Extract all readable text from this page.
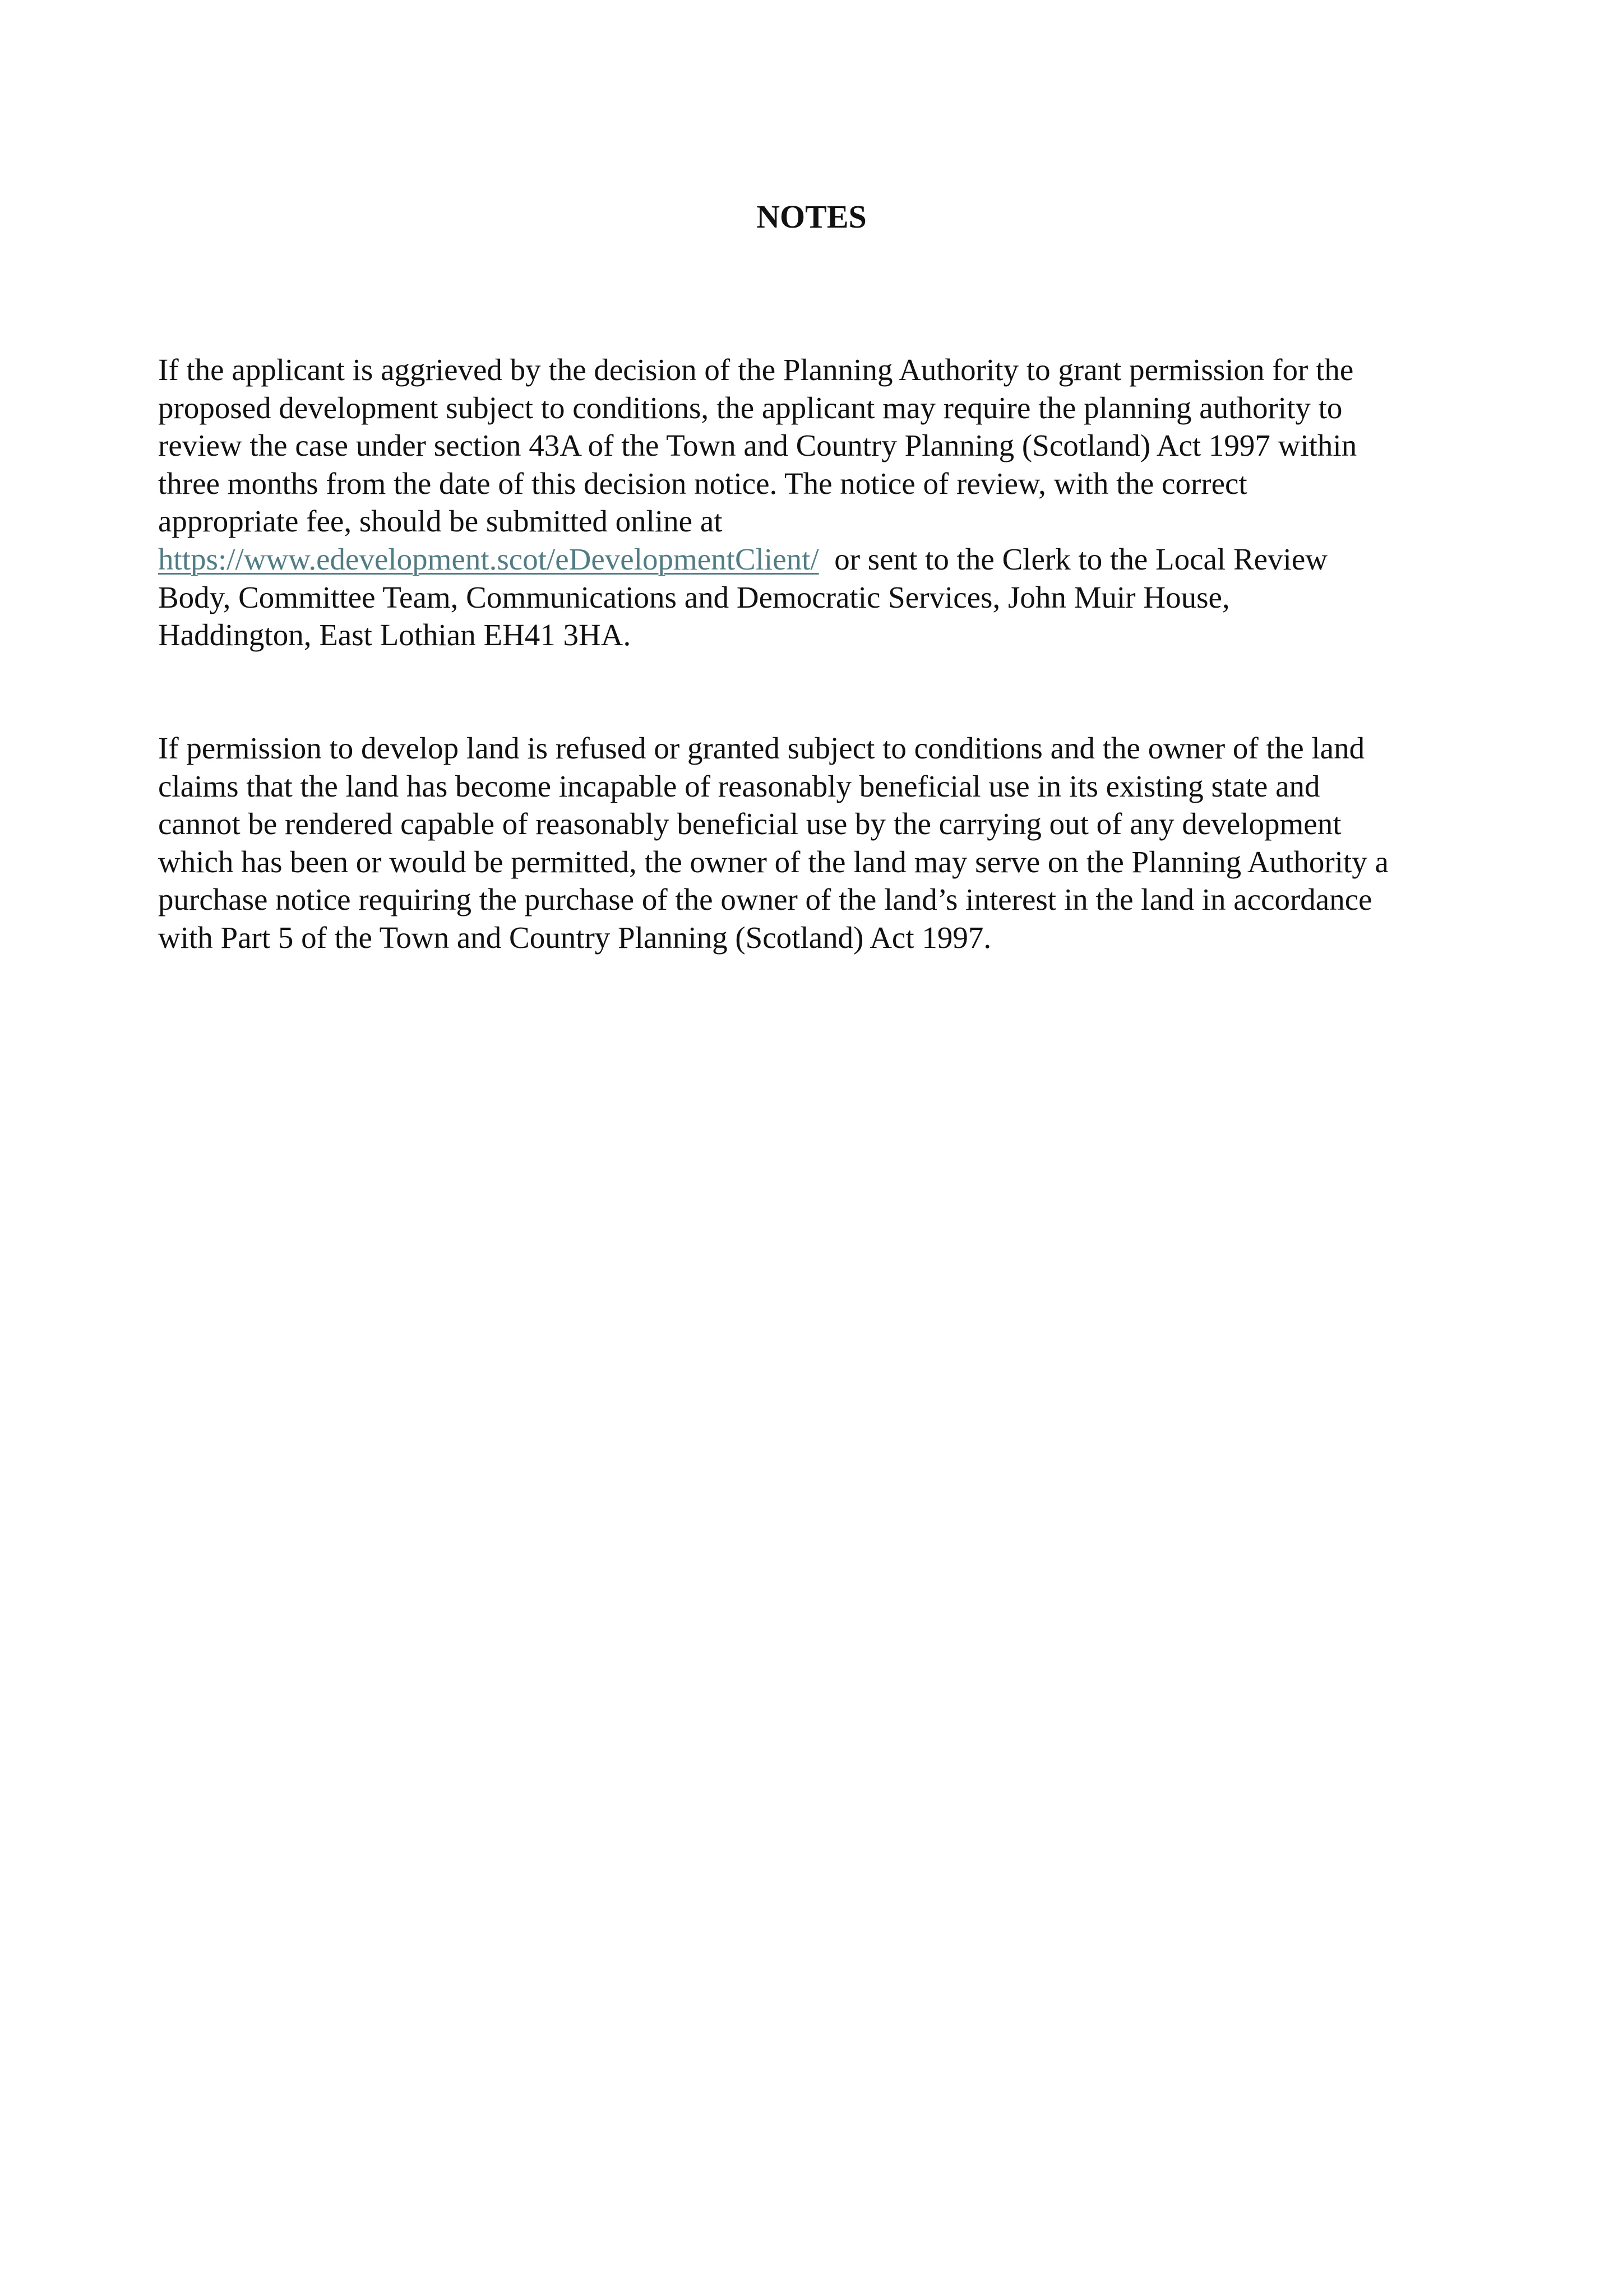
NOTES
If the applicant is aggrieved by the decision of the Planning Authority to grant permission for the
proposed development subject to conditions, the applicant may require the planning authority to
review the case under section 43A of the Town and Country Planning (Scotland) Act 1997 within
three months from the date of this decision notice. The notice of review, with the correct
appropriate fee, should be submitted online at
https://www.edevelopment.scot/eDevelopmentClient/  or sent to the Clerk to the Local Review
Body, Committee Team, Communications and Democratic Services, John Muir House,
Haddington, East Lothian EH41 3HA.
If permission to develop land is refused or granted subject to conditions and the owner of the land
claims that the land has become incapable of reasonably beneficial use in its existing state and
cannot be rendered capable of reasonably beneficial use by the carrying out of any development
which has been or would be permitted, the owner of the land may serve on the Planning Authority a
purchase notice requiring the purchase of the owner of the land’s interest in the land in accordance
with Part 5 of the Town and Country Planning (Scotland) Act 1997.
